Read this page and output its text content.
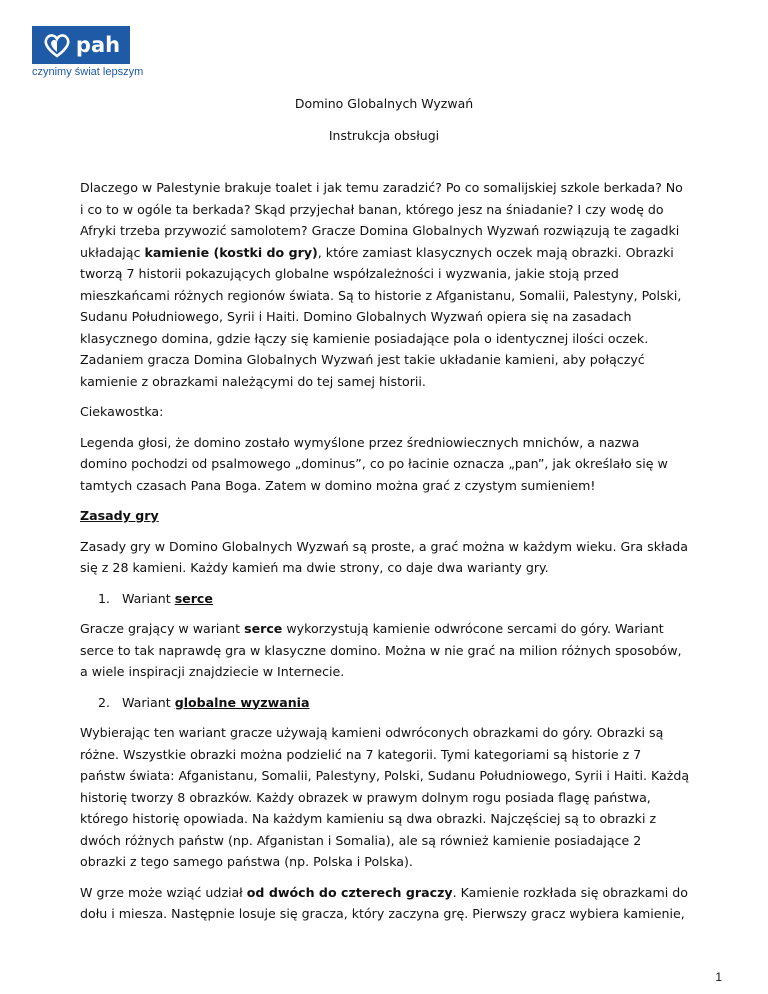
pah
czynimy świat lepszym
Domino Globalnych Wyzwań
Instrukcja obsługi

Dlaczego w Palestynie brakuje toalet i jak temu zaradzić? Po co somalijskiej szkole berkada? No i co to w ogóle ta berkada? Skąd przyjechał banan, którego jesz na śniadanie? I czy wodę do Afryki trzeba przywozić samolotem? Gracze Domina Globalnych Wyzwań rozwiązują te zagadki układając kamienie (kostki do gry), które zamiast klasycznych oczek mają obrazki. Obrazki tworzą 7 historii pokazujących globalne współzależności i wyzwania, jakie stoją przed mieszkańcami różnych regionów świata. Są to historie z Afganistanu, Somalii, Palestyny, Polski, Sudanu Południowego, Syrii i Haiti. Domino Globalnych Wyzwań opiera się na zasadach klasycznego domina, gdzie łączy się kamienie posiadające pola o identycznej ilości oczek. Zadaniem gracza Domina Globalnych Wyzwań jest takie układanie kamieni, aby połączyć kamienie z obrazkami należącymi do tej samej historii.

Ciekawostka:

Legenda głosi, że domino zostało wymyślone przez średniowiecznych mnichów, a nazwa domino pochodzi od psalmowego „dominus”, co po łacinie oznacza „pan”, jak określało się w tamtych czasach Pana Boga. Zatem w domino można grać z czystym sumieniem!

Zasady gry

Zasady gry w Domino Globalnych Wyzwań są proste, a grać można w każdym wieku. Gra składa się z 28 kamieni. Każdy kamień ma dwie strony, co daje dwa warianty gry.

1. Wariant serce

Gracze grający w wariant serce wykorzystują kamienie odwrócone sercami do góry. Wariant serce to tak naprawdę gra w klasyczne domino. Można w nie grać na milion różnych sposobów, a wiele inspiracji znajdziecie w Internecie.

2. Wariant globalne wyzwania

Wybierając ten wariant gracze używają kamieni odwróconych obrazkami do góry. Obrazki są różne. Wszystkie obrazki można podzielić na 7 kategorii. Tymi kategoriami są historie z 7 państw świata: Afganistanu, Somalii, Palestyny, Polski, Sudanu Południowego, Syrii i Haiti. Każdą historię tworzy 8 obrazków. Każdy obrazek w prawym dolnym rogu posiada flagę państwa, którego historię opowiada. Na każdym kamieniu są dwa obrazki. Najczęściej są to obrazki z dwóch różnych państw (np. Afganistan i Somalia), ale są również kamienie posiadające 2 obrazki z tego samego państwa (np. Polska i Polska).

W grze może wziąć udział od dwóch do czterech graczy. Kamienie rozkłada się obrazkami do dołu i miesza. Następnie losuje się gracza, który zaczyna grę. Pierwszy gracz wybiera kamienie,

1
